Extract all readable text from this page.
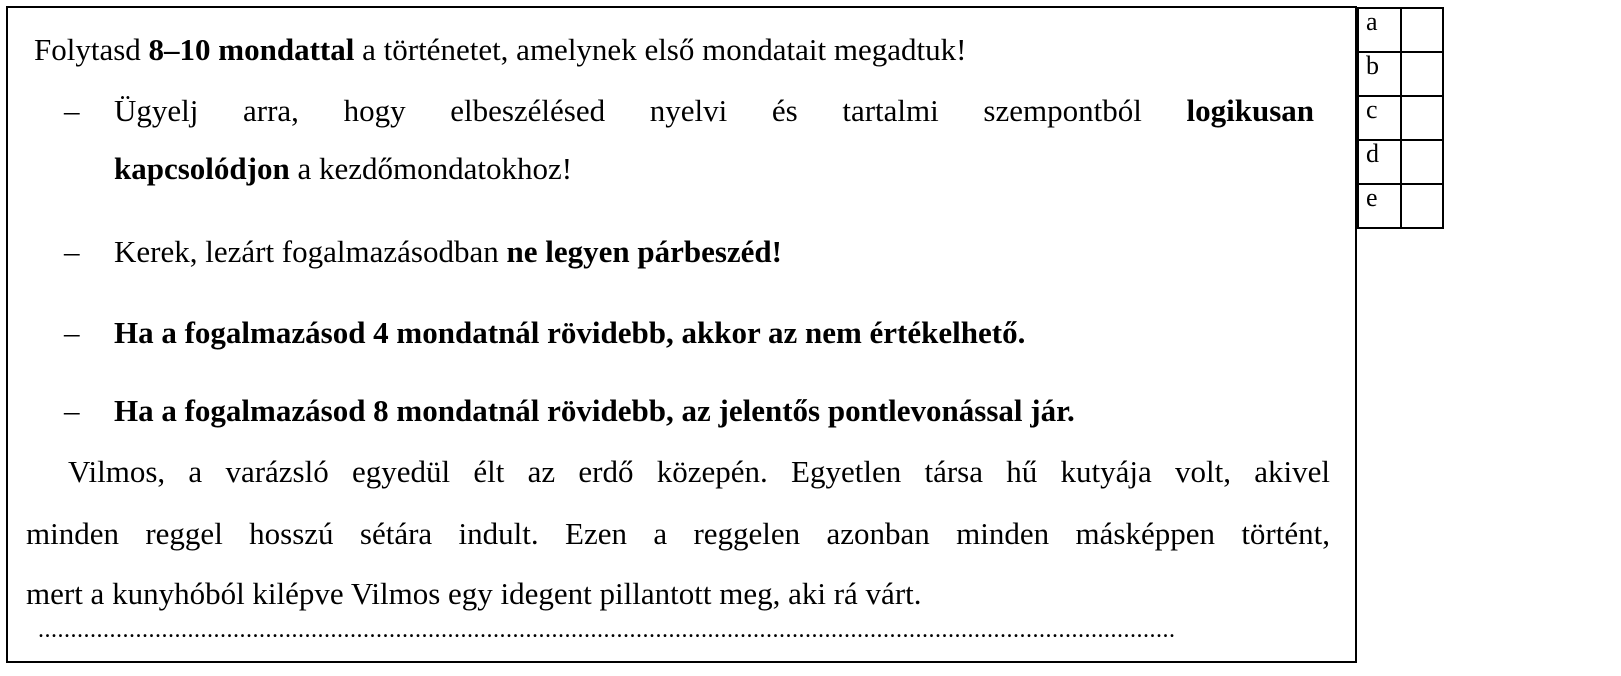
Folytasd 8–10 mondattal a történetet, amelynek első mondatait megadtuk!
– Ügyelj arra, hogy elbeszélésed nyelvi és tartalmi szempontból logikusan
kapcsolódjon a kezdőmondatokhoz!
– Kerek, lezárt fogalmazásodban ne legyen párbeszéd!
– Ha a fogalmazásod 4 mondatnál rövidebb, akkor az nem értékelhető.
– Ha a fogalmazásod 8 mondatnál rövidebb, az jelentős pontlevonással jár.
Vilmos, a varázsló egyedül élt az erdő közepén. Egyetlen társa hű kutyája volt, akivel
minden reggel hosszú sétára indult. Ezen a reggelen azonban minden másképpen történt,
mert a kunyhóból kilépve Vilmos egy idegent pillantott meg, aki rá várt.
...............................................................................................................................................................................
a	
b	
c	
d	
e	
